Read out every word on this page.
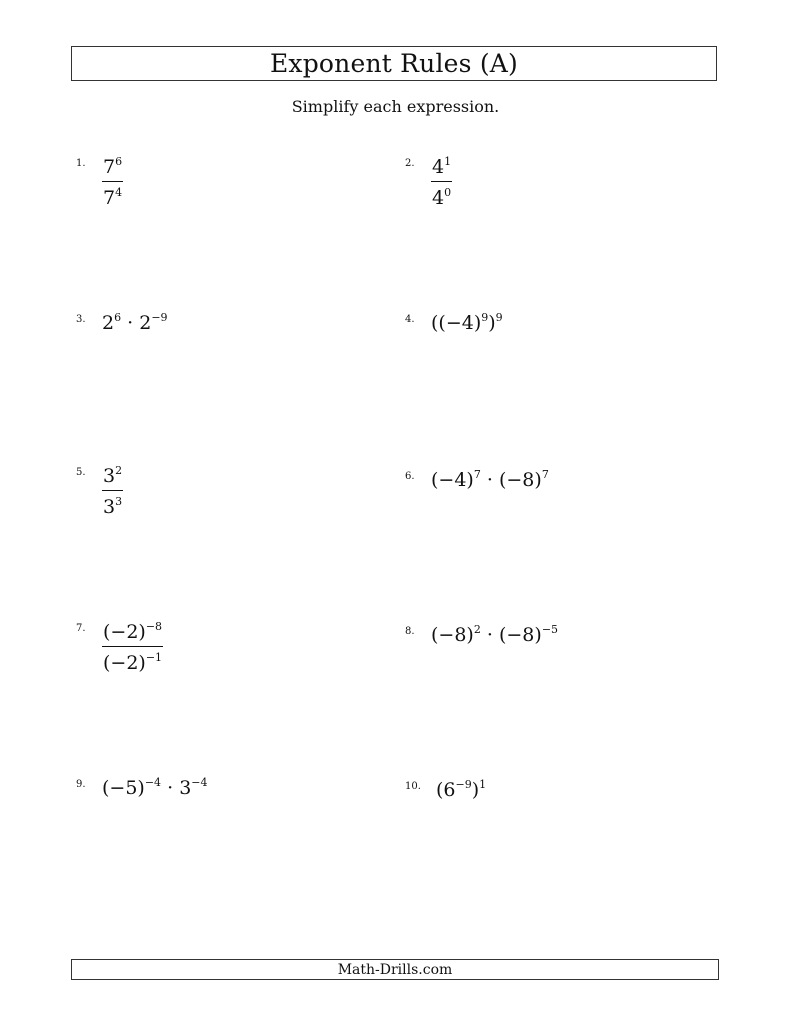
Exponent Rules (A)
Simplify each expression.
1. $\frac{7^6}{7^4}$	2. $\frac{4^1}{4^0}$
3. $2^6 \cdot 2^{-9}$	4. $((-4)^9)^9$
5. $\frac{3^2}{3^3}$	6. $(-4)^7 \cdot (-8)^7$
7. $\frac{(-2)^{-8}}{(-2)^{-1}}$	8. $(-8)^2 \cdot (-8)^{-5}$
9. $(-5)^{-4} \cdot 3^{-4}$	10. $(6^{-9})^1$
Math-Drills.com
